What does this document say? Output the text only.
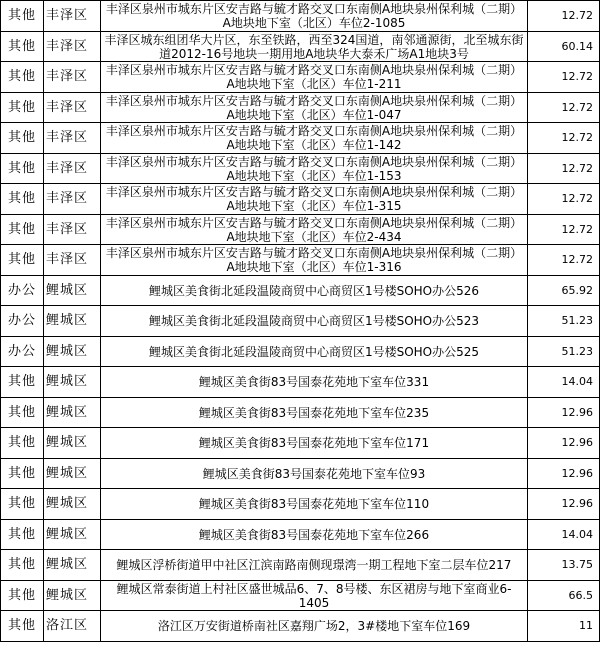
其他	丰泽区	丰泽区泉州市城东片区安吉路与毓才路交叉口东南侧A地块泉州保利城（二期）A地块地下室（北区）车位2-1085	12.72
其他	丰泽区	丰泽区城东组团华大片区，东至铁路，西至324国道，南邻通源街，北至城东街道2012-16号地块一期用地A地块华大泰禾广场A1地块3号	60.14
其他	丰泽区	丰泽区泉州市城东片区安吉路与毓才路交叉口东南侧A地块泉州保利城（二期）A地块地下室（北区）车位1-211	12.72
其他	丰泽区	丰泽区泉州市城东片区安吉路与毓才路交叉口东南侧A地块泉州保利城（二期）A地块地下室（北区）车位1-047	12.72
其他	丰泽区	丰泽区泉州市城东片区安吉路与毓才路交叉口东南侧A地块泉州保利城（二期）A地块地下室（北区）车位1-142	12.72
其他	丰泽区	丰泽区泉州市城东片区安吉路与毓才路交叉口东南侧A地块泉州保利城（二期）A地块地下室（北区）车位1-153	12.72
其他	丰泽区	丰泽区泉州市城东片区安吉路与毓才路交叉口东南侧A地块泉州保利城（二期）A地块地下室（北区）车位1-315	12.72
其他	丰泽区	丰泽区泉州市城东片区安吉路与毓才路交叉口东南侧A地块泉州保利城（二期）A地块地下室（北区）车位2-434	12.72
其他	丰泽区	丰泽区泉州市城东片区安吉路与毓才路交叉口东南侧A地块泉州保利城（二期）A地块地下室（北区）车位1-316	12.72
办公	鲤城区	鲤城区美食街北延段温陵商贸中心商贸区1号楼SOHO办公526	65.92
办公	鲤城区	鲤城区美食街北延段温陵商贸中心商贸区1号楼SOHO办公523	51.23
办公	鲤城区	鲤城区美食街北延段温陵商贸中心商贸区1号楼SOHO办公525	51.23
其他	鲤城区	鲤城区美食街83号国泰花苑地下室车位331	14.04
其他	鲤城区	鲤城区美食街83号国泰花苑地下室车位235	12.96
其他	鲤城区	鲤城区美食街83号国泰花苑地下室车位171	12.96
其他	鲤城区	鲤城区美食街83号国泰花苑地下室车位93	12.96
其他	鲤城区	鲤城区美食街83号国泰花苑地下室车位110	12.96
其他	鲤城区	鲤城区美食街83号国泰花苑地下室车位266	14.04
其他	鲤城区	鲤城区浮桥街道甲中社区江滨南路南侧现璟湾一期工程地下室二层车位217	13.75
其他	鲤城区	鲤城区常泰街道上村社区盛世城品6、7、8号楼、东区裙房与地下室商业6-1405	66.5
其他	洛江区	洛江区万安街道桥南社区嘉翔广场2，3#楼地下室车位169	11
